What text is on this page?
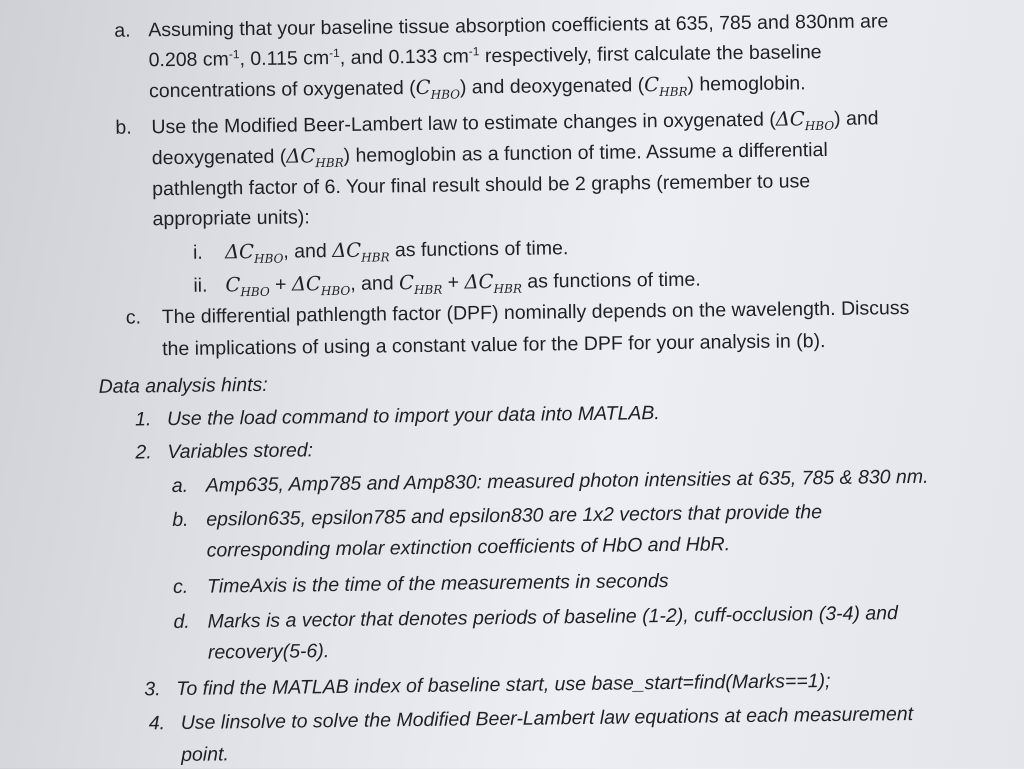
a. Assuming that your baseline tissue absorption coefficients at 635, 785 and 830nm are
0.208 $cm^{-1}$, 0.115 $cm^{-1}$, and 0.133 $cm^{-1}$ respectively, first calculate the baseline
concentrations of oxygenated $(C_{HBO})$ and deoxygenated $(C_{HBR})$ hemoglobin.
b. Use the Modified Beer-Lambert law to estimate changes in oxygenated $(\Delta C_{HBO})$ and
deoxygenated $(\Delta C_{HBR})$ hemoglobin as a function of time. Assume a differential
pathlength factor of 6. Your final result should be 2 graphs (remember to use
appropriate units):
i. $\Delta C_{HBO}$, and $\Delta C_{HBR}$ as functions of time.
ii. $C_{HBO} + \Delta C_{HBO}$, and $C_{HBR} + \Delta C_{HBR}$ as functions of time.
c. The differential pathlength factor (DPF) nominally depends on the wavelength. Discuss
the implications of using a constant value for the DPF for your analysis in (b).
Data analysis hints:
1. Use the load command to import your data into MATLAB.
2. Variables stored:
a. Amp635, Amp785 and Amp830: measured photon intensities at 635, 785 & 830 nm.
b. epsilon635, epsilon785 and epsilon830 are 1x2 vectors that provide the
corresponding molar extinction coefficients of HbO and HbR.
c. TimeAxis is the time of the measurements in seconds
d. Marks is a vector that denotes periods of baseline (1-2), cuff-occlusion (3-4) and
recovery(5-6).
3. To find the MATLAB index of baseline start, use base_start=find(Marks==1);
4. Use linsolve to solve the Modified Beer-Lambert law equations at each measurement
point.
